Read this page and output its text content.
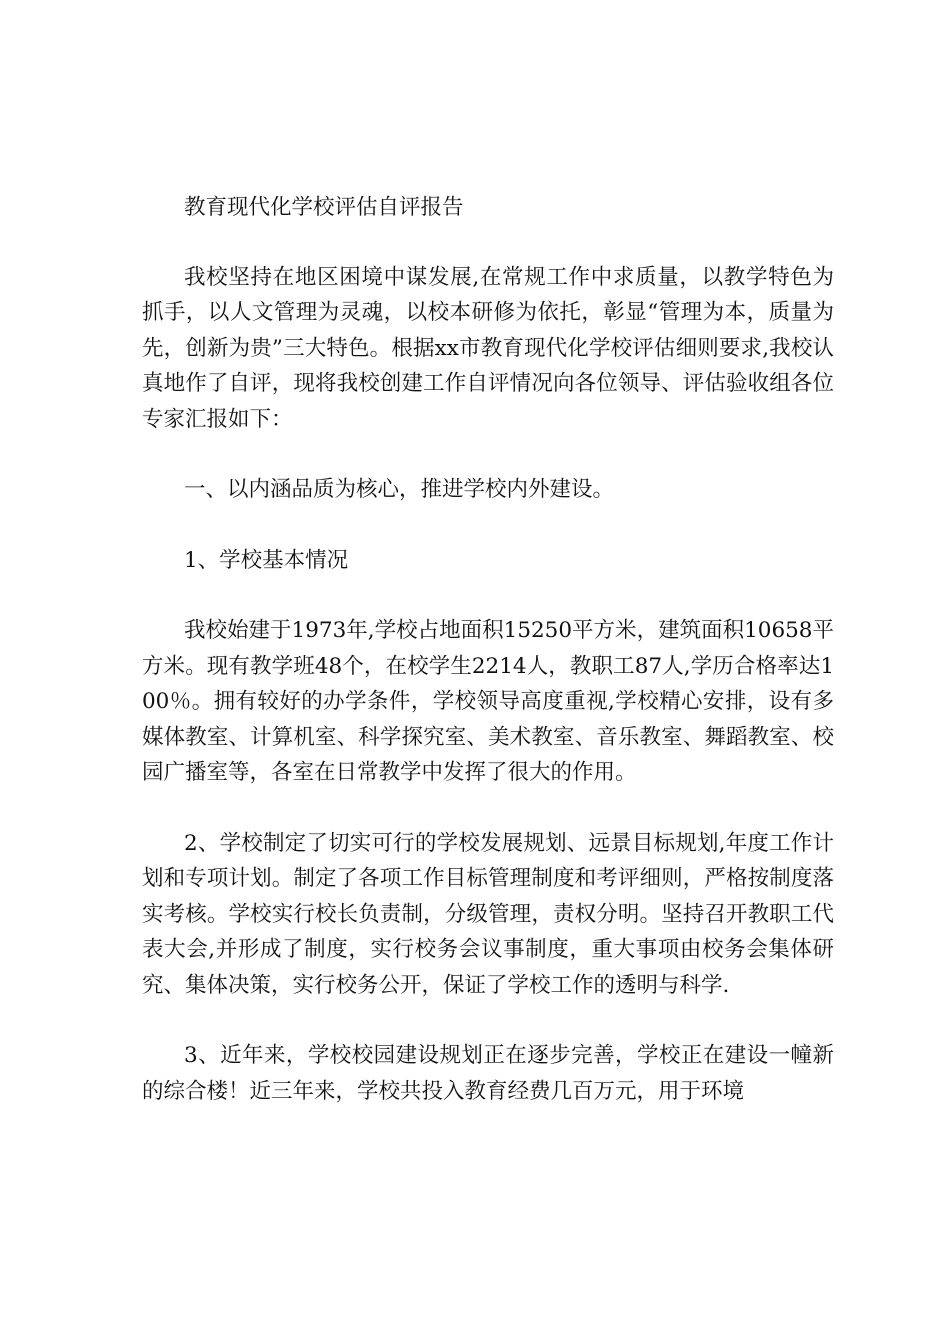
教育现代化学校评估自评报告

我校坚持在地区困境中谋发展,在常规工作中求质量，以教学特色为抓手，以人文管理为灵魂，以校本研修为依托，彰显“管理为本，质量为先，创新为贵”三大特色。根据xx市教育现代化学校评估细则要求,我校认真地作了自评，现将我校创建工作自评情况向各位领导、评估验收组各位专家汇报如下：

一、以内涵品质为核心，推进学校内外建设。

1、学校基本情况

我校始建于1973年,学校占地面积15250平方米，建筑面积10658平方米。现有教学班48个，在校学生2214人，教职工87人,学历合格率达100％。拥有较好的办学条件，学校领导高度重视,学校精心安排，设有多媒体教室、计算机室、科学探究室、美术教室、音乐教室、舞蹈教室、校园广播室等，各室在日常教学中发挥了很大的作用。

2、学校制定了切实可行的学校发展规划、远景目标规划,年度工作计划和专项计划。制定了各项工作目标管理制度和考评细则，严格按制度落实考核。学校实行校长负责制，分级管理，责权分明。坚持召开教职工代表大会,并形成了制度，实行校务会议事制度，重大事项由校务会集体研究、集体决策，实行校务公开，保证了学校工作的透明与科学.

3、近年来，学校校园建设规划正在逐步完善，学校正在建设一幢新的综合楼！近三年来，学校共投入教育经费几百万元，用于环境
